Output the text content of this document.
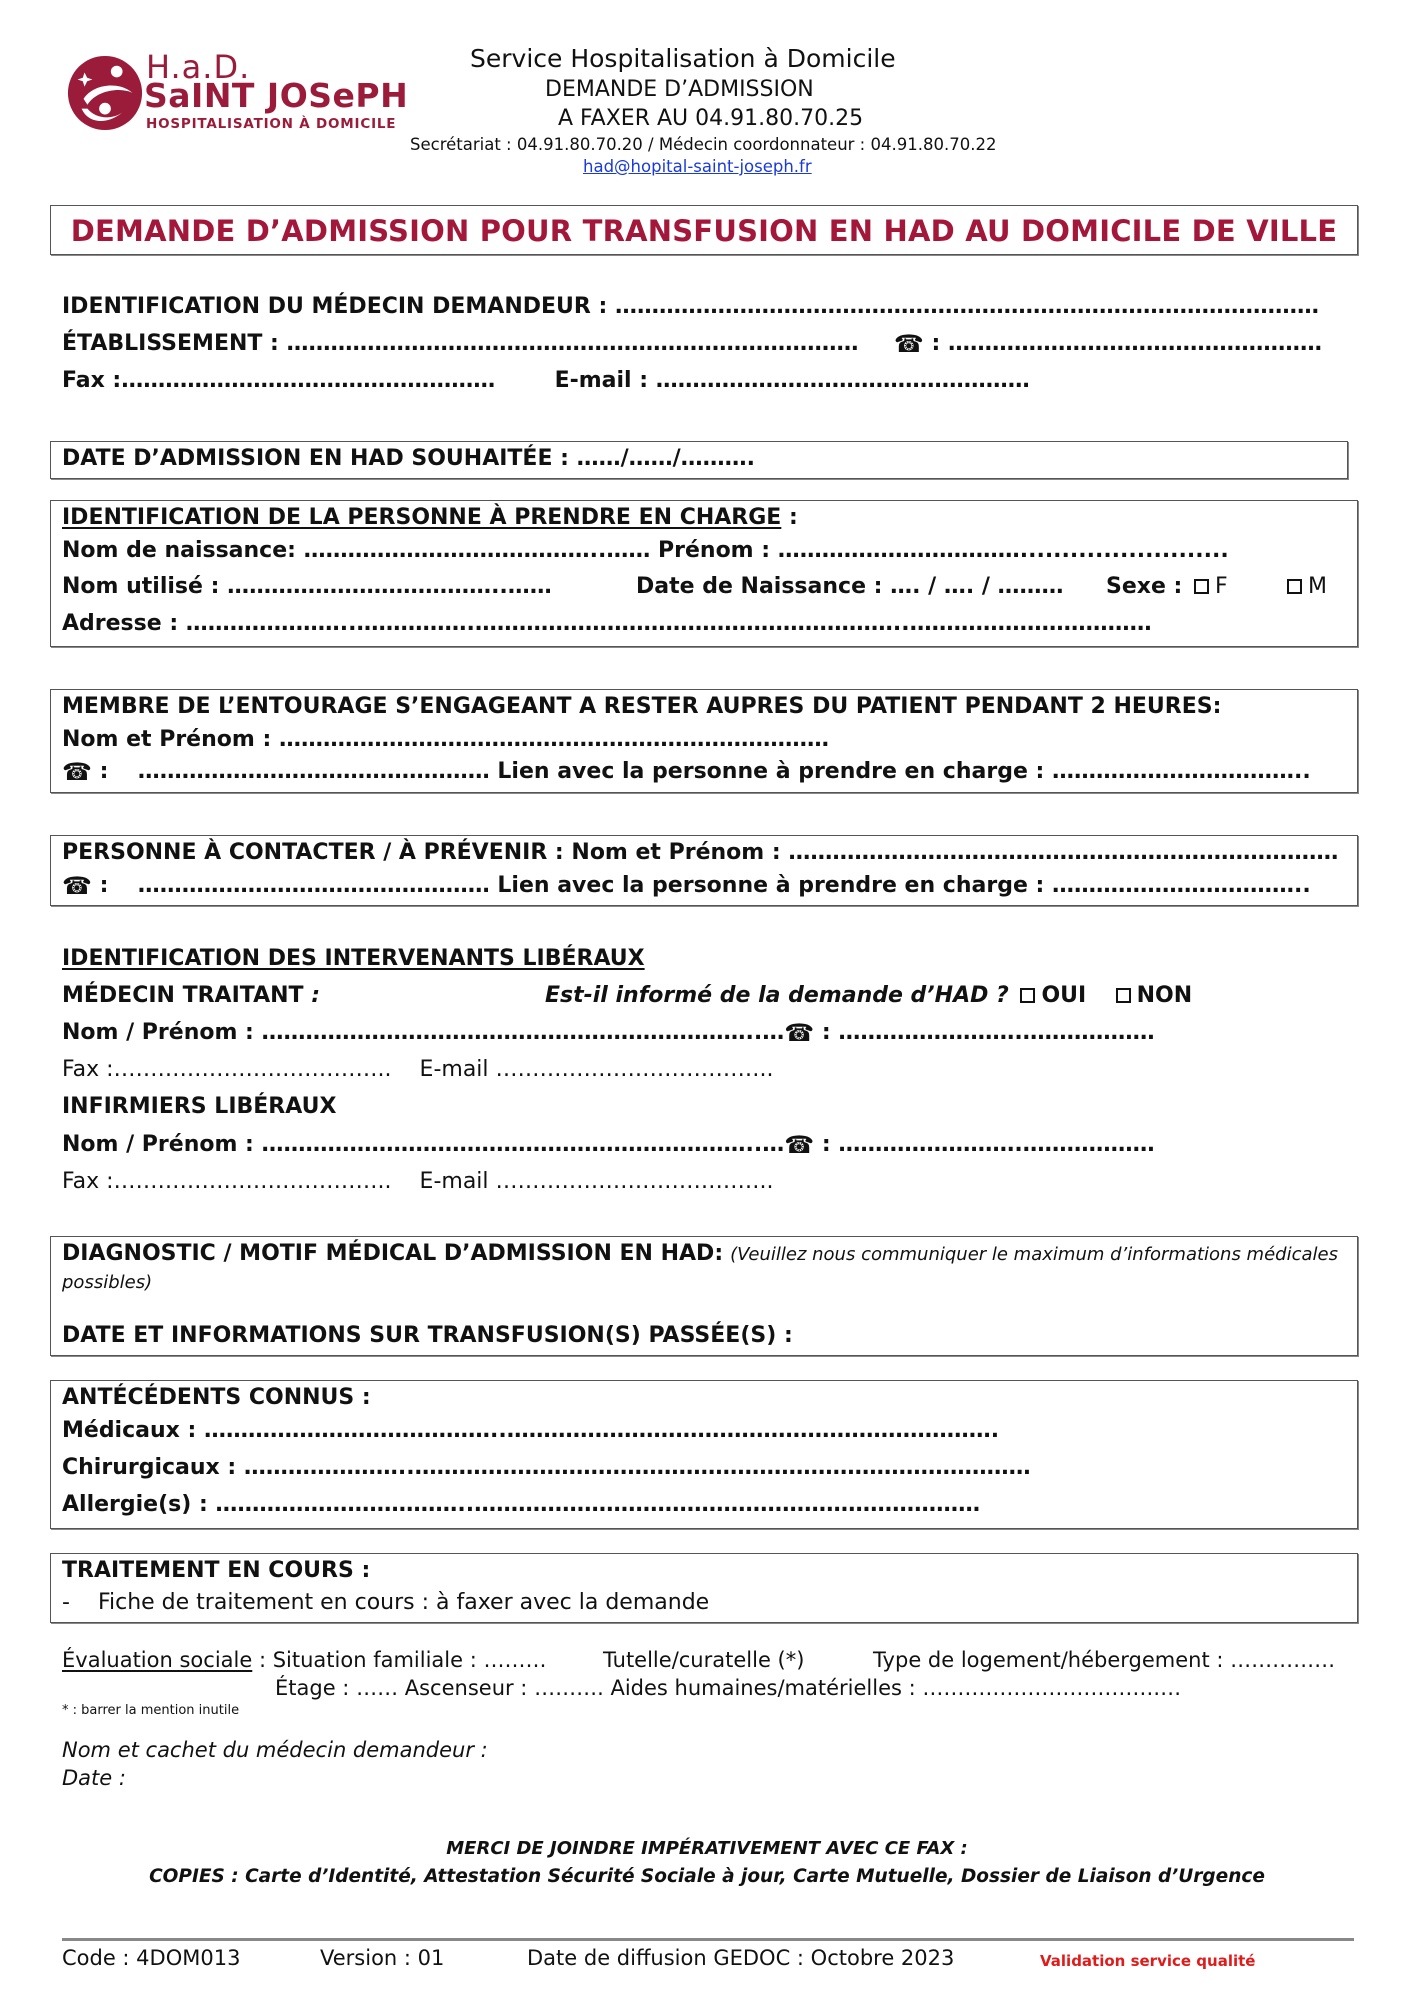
H.a.D.
SaINT JOSePH
HOSPITALISATION À DOMICILE
Service Hospitalisation à Domicile
DEMANDE D’ADMISSION
A FAXER AU 04.91.80.70.25
Secrétariat : 04.91.80.70.20 / Médecin coordonnateur : 04.91.80.70.22
had@hopital-saint-joseph.fr
DEMANDE D’ADMISSION POUR TRANSFUSION EN HAD AU DOMICILE DE VILLE
IDENTIFICATION DU MÉDECIN DEMANDEUR : ……………………………………………………………………………………
ÉTABLISSEMENT : …………………………………………………………………… ☎ : ……………………………………………
Fax :……………………………………………	E-mail : ……………………………………………
DATE D’ADMISSION EN HAD SOUHAITÉE : ……/……/……….
IDENTIFICATION DE LA PERSONNE À PRENDRE EN CHARGE :
Nom de naissance: …………………………………..…… Prénom : …………………………….........................
Nom utilisé : ………………………………..……	Date de Naissance : …. / …. / ……… Sexe : F	M
Adresse : …………………..…………….…………………………………………………..……………………………
MEMBRE DE L’ENTOURAGE S’ENGAGEANT A RESTER AUPRES DU PATIENT PENDANT 2 HEURES:
Nom et Prénom : …………………………………………………………………
☎ : ………………………………………… Lien avec la personne à prendre en charge : ……………………………..
PERSONNE À CONTACTER / À PRÉVENIR : Nom et Prénom : …………………………………………………………………
☎ : ………………………………………… Lien avec la personne à prendre en charge : ……………………………..
IDENTIFICATION DES INTERVENANTS LIBÉRAUX
MÉDECIN TRAITANT :	Est-il informé de la demande d’HAD ? OUI NON
Nom / Prénom : …………………………………………………………..…☎ : …………………….………………
Fax :……………………………….. E-mail ………………………………..
INFIRMIERS LIBÉRAUX
Nom / Prénom : …………………………………………………………..…☎ : …………………….………………
Fax :……………………………….. E-mail ………………………………..
DIAGNOSTIC / MOTIF MÉDICAL D’ADMISSION EN HAD: (Veuillez nous communiquer le maximum d’informations médicales possibles)
DATE ET INFORMATIONS SUR TRANSFUSION(S) PASSÉE(S) :
ANTÉCÉDENTS CONNUS :
Médicaux : …………………………………..………………………………………………………….
Chirurgicaux : …………………..…………………………………………………………………………
Allergie(s) : ……………………………..……………………………………………………………
TRAITEMENT EN COURS :
- Fiche de traitement en cours : à faxer avec la demande
Évaluation sociale : Situation familiale : ………	Tutelle/curatelle (*)	Type de logement/hébergement : ……………
Étage : …… Ascenseur : ………. Aides humaines/matérielles : …………………………….…
* : barrer la mention inutile
Nom et cachet du médecin demandeur :
Date :
MERCI DE JOINDRE IMPÉRATIVEMENT AVEC CE FAX :
COPIES : Carte d’Identité, Attestation Sécurité Sociale à jour, Carte Mutuelle, Dossier de Liaison d’Urgence
Code : 4DOM013	Version : 01	Date de diffusion GEDOC : Octobre 2023	Validation service qualité
